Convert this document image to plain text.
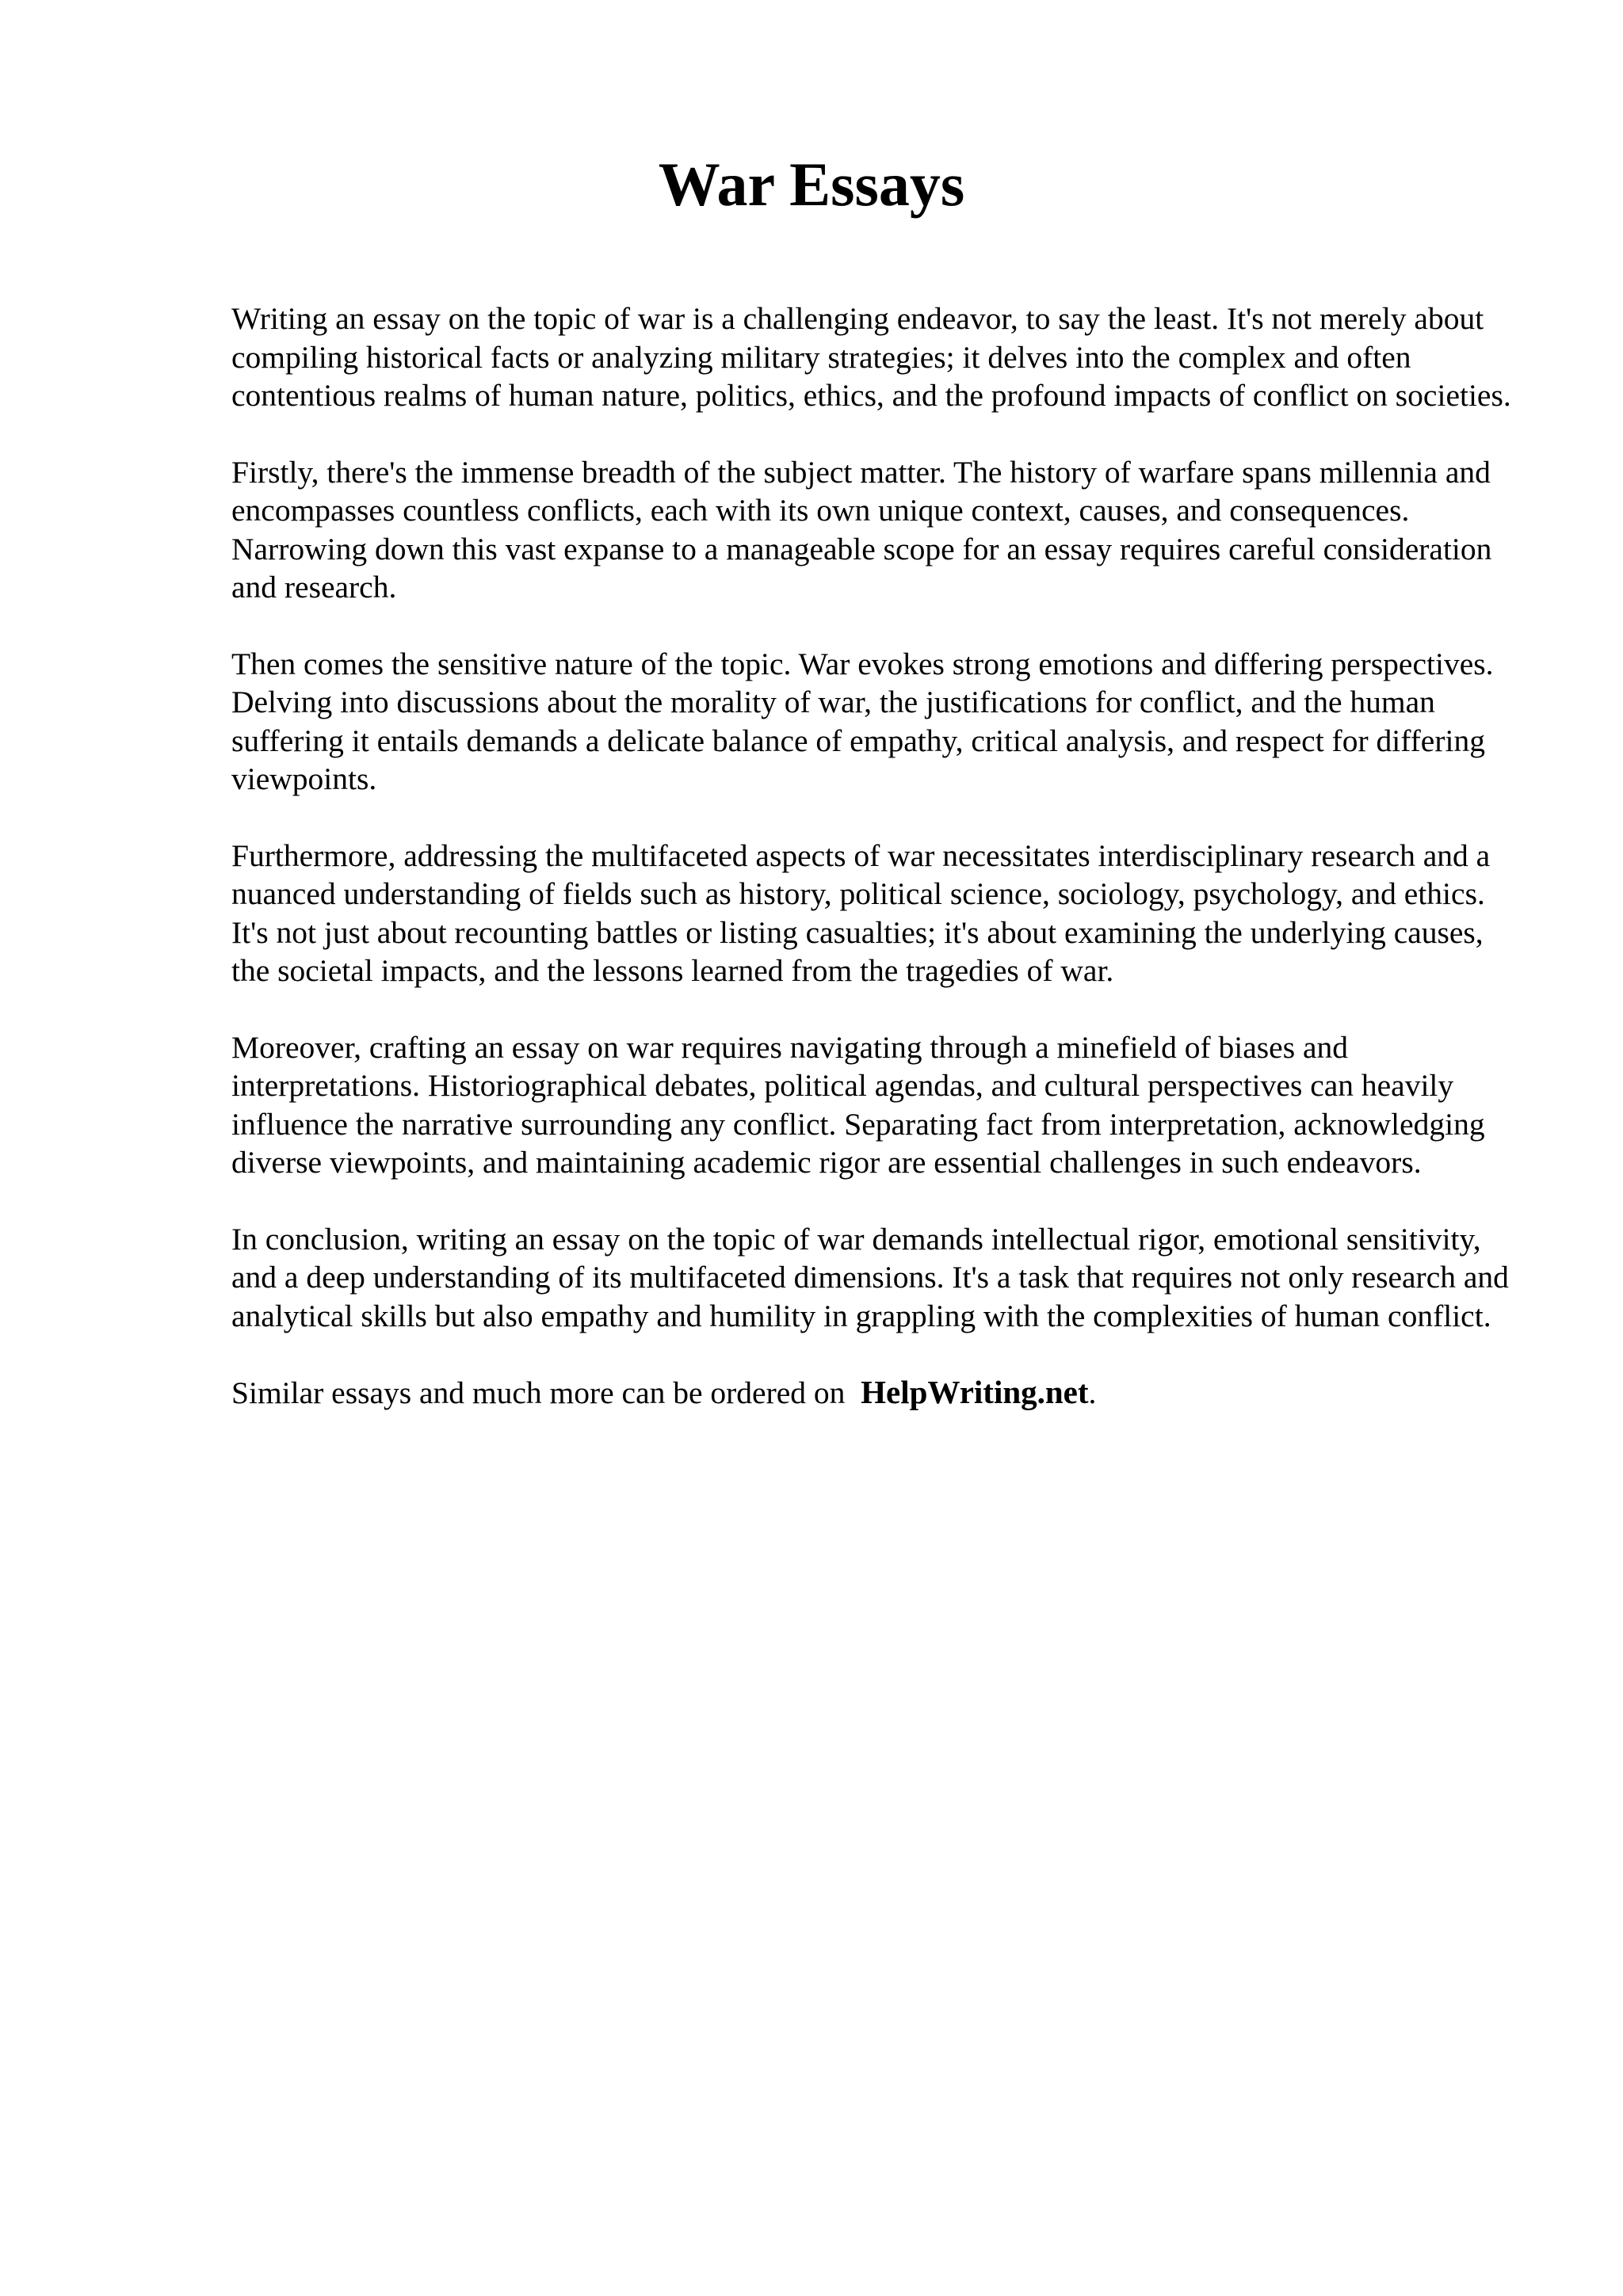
War Essays

Writing an essay on the topic of war is a challenging endeavor, to say the least. It's not merely about compiling historical facts or analyzing military strategies; it delves into the complex and often contentious realms of human nature, politics, ethics, and the profound impacts of conflict on societies.

Firstly, there's the immense breadth of the subject matter. The history of warfare spans millennia and encompasses countless conflicts, each with its own unique context, causes, and consequences. Narrowing down this vast expanse to a manageable scope for an essay requires careful consideration and research.

Then comes the sensitive nature of the topic. War evokes strong emotions and differing perspectives. Delving into discussions about the morality of war, the justifications for conflict, and the human suffering it entails demands a delicate balance of empathy, critical analysis, and respect for differing viewpoints.

Furthermore, addressing the multifaceted aspects of war necessitates interdisciplinary research and a nuanced understanding of fields such as history, political science, sociology, psychology, and ethics. It's not just about recounting battles or listing casualties; it's about examining the underlying causes, the societal impacts, and the lessons learned from the tragedies of war.

Moreover, crafting an essay on war requires navigating through a minefield of biases and interpretations. Historiographical debates, political agendas, and cultural perspectives can heavily influence the narrative surrounding any conflict. Separating fact from interpretation, acknowledging diverse viewpoints, and maintaining academic rigor are essential challenges in such endeavors.

In conclusion, writing an essay on the topic of war demands intellectual rigor, emotional sensitivity, and a deep understanding of its multifaceted dimensions. It's a task that requires not only research and analytical skills but also empathy and humility in grappling with the complexities of human conflict.

Similar essays and much more can be ordered on HelpWriting.net.
